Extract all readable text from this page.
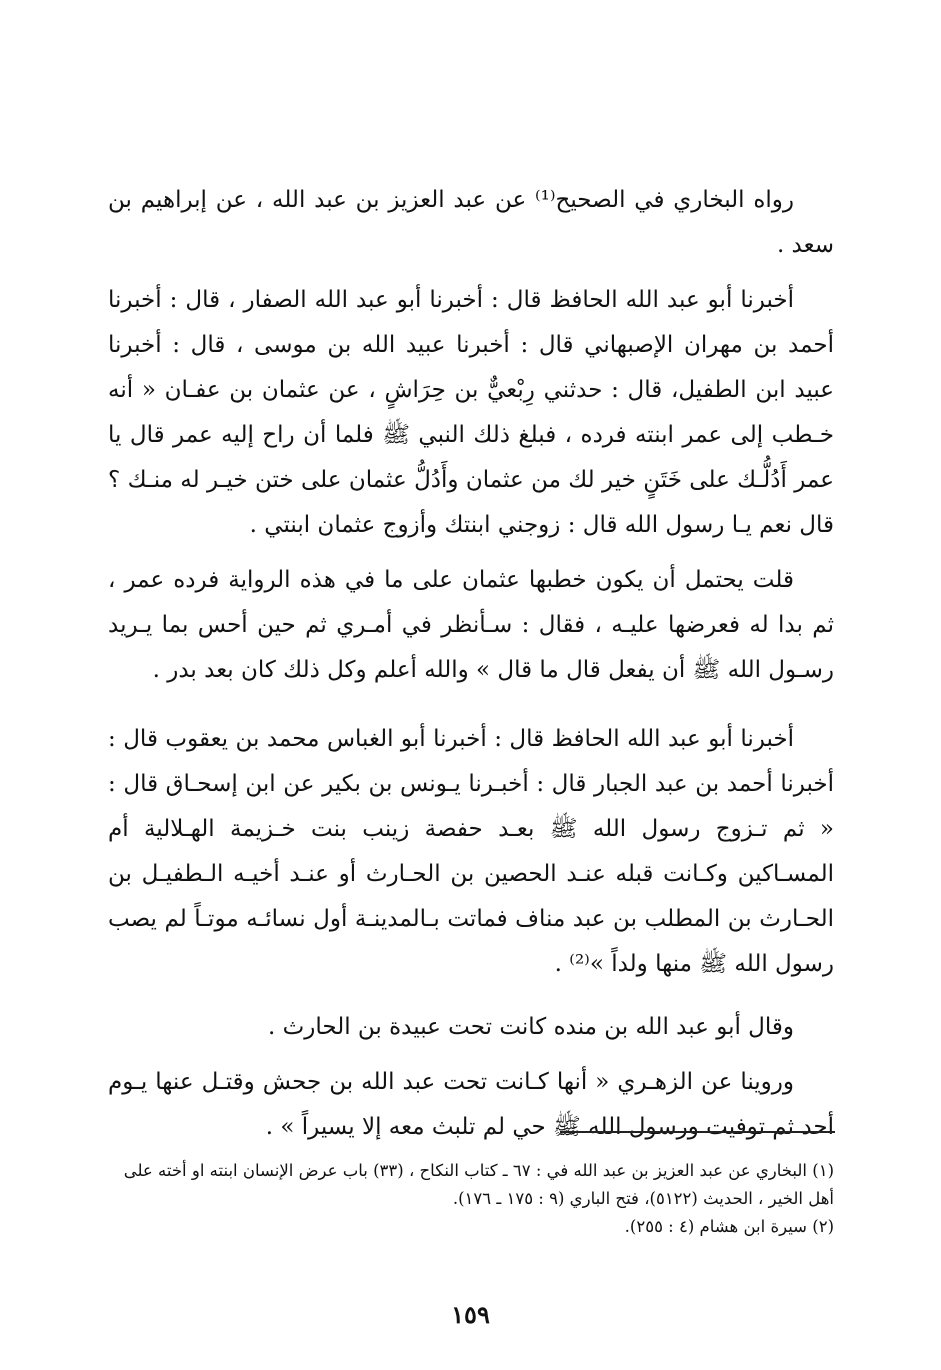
رواه البخاري في الصحيح⁽¹⁾ عن عبد العزيز بن عبد الله ، عن إبراهيم بن سعد .

أخبرنا أبو عبد الله الحافظ قال : أخبرنا أبو عبد الله الصفار ، قال : أخبرنا أحمد بن مهران الإصبهاني قال : أخبرنا عبيد الله بن موسى ، قال : أخبرنا عبيد ابن الطفيل، قال : حدثني رِبْعيٌّ بن حِرَاشٍ ، عن عثمان بن عفـان « أنه خـطب إلى عمر ابنته فرده ، فبلغ ذلك النبي ﷺ فلما أن راح إليه عمر قال يا عمر أَدُلُّـك على خَتَنٍ خير لك من عثمان وأَدُلُّ عثمان على ختن خيـر له منـك ؟ قال نعم يـا رسول الله قال : زوجني ابنتك وأزوج عثمان ابنتي .

قلت يحتمل أن يكون خطبها عثمان على ما في هذه الرواية فرده عمر ، ثم بدا له فعرضها عليـه ، فقال : سـأنظر في أمـري ثم حين أحس بما يـريد رسـول الله ﷺ أن يفعل قال ما قال » والله أعلم وكل ذلك كان بعد بدر .

أخبرنا أبو عبد الله الحافظ قال : أخبرنا أبو الغباس محمد بن يعقوب قال : أخبرنا أحمد بن عبد الجبار قال : أخبـرنا يـونس بن بكير عن ابن إسحـاق قال : « ثم تـزوج رسول الله ﷺ بعـد حفصة زينب بنت خـزيمة الهـلالية أم المسـاكين وكـانت قبله عنـد الحصين بن الحـارث أو عنـد أخيـه الـطفيـل بن الحـارث بن المطلب بن عبد مناف فماتت بـالمدينـة أول نسائـه موتـاً لم يصب رسول الله ﷺ منها ولداً »⁽²⁾ .

وقال أبو عبد الله بن منده كانت تحت عبيدة بن الحارث .

وروينا عن الزهـري « أنها كـانت تحت عبد الله بن جحش وقتـل عنها يـوم أحد ثم توفيت ورسول الله ﷺ حي لم تلبث معه إلا يسيراً » .

(١) البخاري عن عبد العزيز بن عبد الله في : ٦٧ ـ كتاب النكاح ، (٣٣) باب عرض الإنسان ابنته او أخته على أهل الخير ، الحديث (٥١٢٢)، فتح الباري (٩ : ١٧٥ ـ ١٧٦).

(٢) سيرة ابن هشام (٤ : ٢٥٥).

١٥٩
